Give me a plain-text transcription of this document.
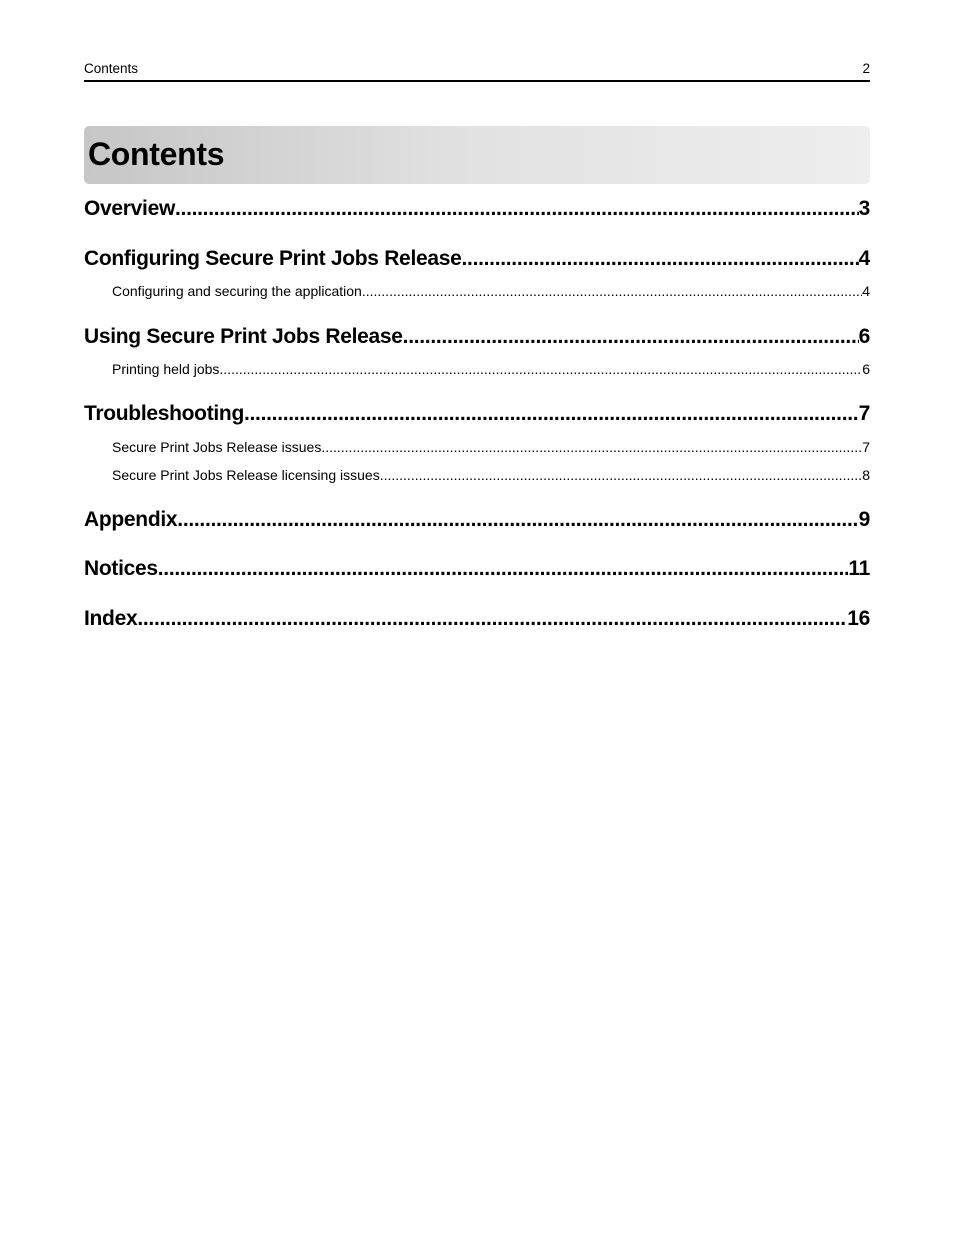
Contents	2
Contents
Overview .....	3
Configuring Secure Print Jobs Release .....	4
Configuring and securing the application .....	4
Using Secure Print Jobs Release .....	6
Printing held jobs .....	6
Troubleshooting .....	7
Secure Print Jobs Release issues .....	7
Secure Print Jobs Release licensing issues .....	8
Appendix .....	9
Notices .....	11
Index .....	16
